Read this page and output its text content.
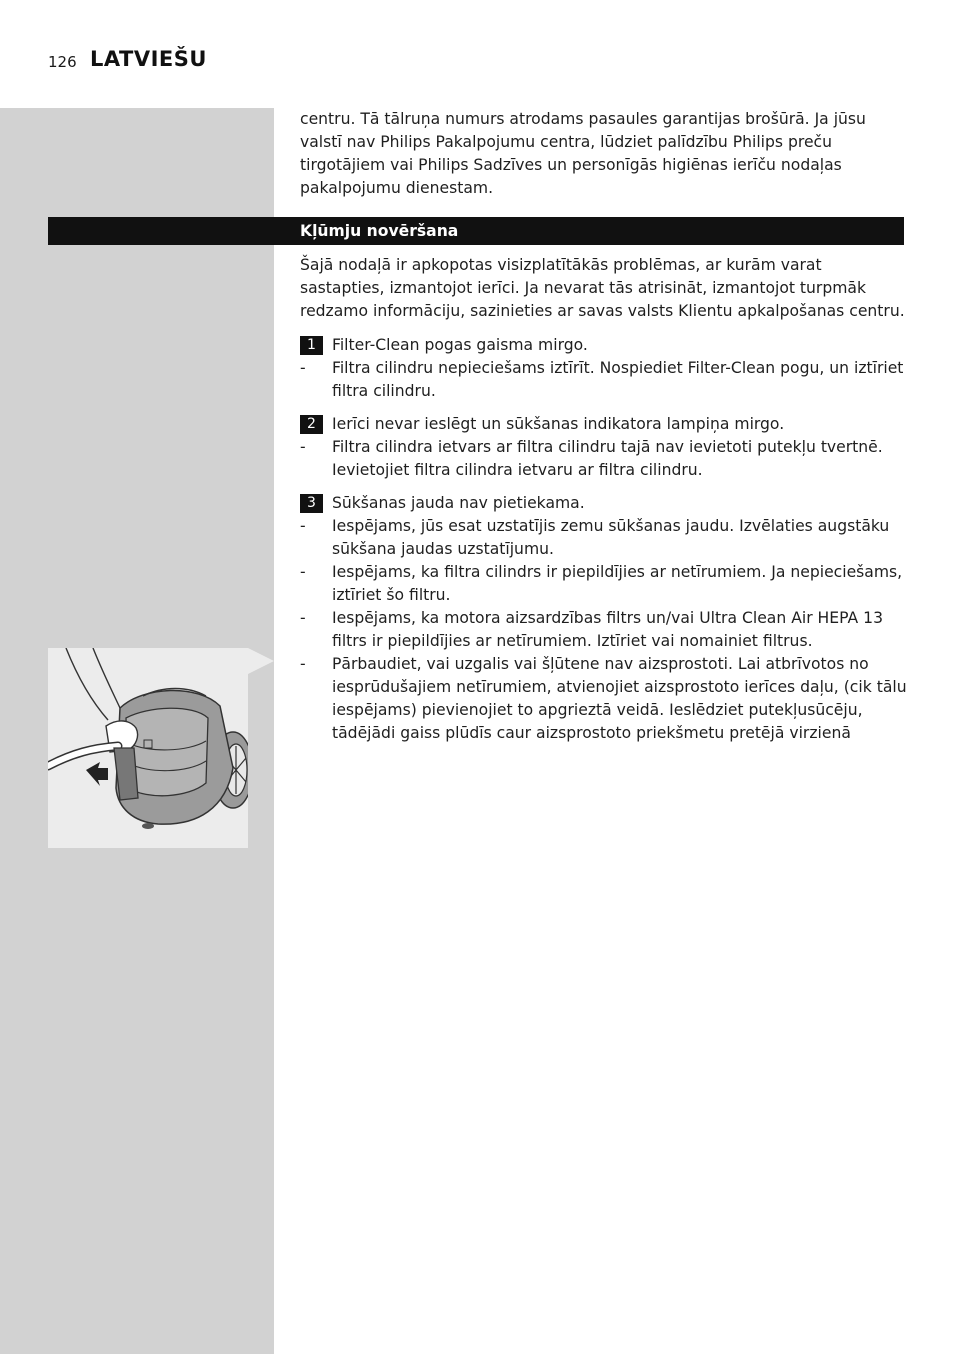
126 LATVIEŠU
centru. Tā tālruņa numurs atrodams pasaules garantijas brošūrā. Ja jūsu valstī nav Philips Pakalpojumu centra, lūdziet palīdzību Philips preču tirgotājiem vai Philips Sadzīves un personīgās higiēnas ierīču nodaļas pakalpojumu dienestam.
Kļūmju novēršana
Šajā nodaļā ir apkopotas visizplatītākās problēmas, ar kurām varat sastapties, izmantojot ierīci. Ja nevarat tās atrisināt, izmantojot turpmāk redzamo informāciju, sazinieties ar savas valsts Klientu apkalpošanas centru.
1	Filter-Clean pogas gaisma mirgo.
-	Filtra cilindru nepieciešams iztīrīt. Nospiediet Filter-Clean pogu, un iztīriet filtra cilindru.
2	Ierīci nevar ieslēgt un sūkšanas indikatora lampiņa mirgo.
-	Filtra cilindra ietvars ar filtra cilindru tajā nav ievietoti putekļu tvertnē. Ievietojiet filtra cilindra ietvaru ar filtra cilindru.
3	Sūkšanas jauda nav pietiekama.
-	Iespējams, jūs esat uzstatījis zemu sūkšanas jaudu. Izvēlaties augstāku sūkšana jaudas uzstatījumu.
-	Iespējams, ka filtra cilindrs ir piepildījies ar netīrumiem. Ja nepieciešams, iztīriet šo filtru.
-	Iespējams, ka motora aizsardzības filtrs un/vai Ultra Clean Air HEPA 13 filtrs ir piepildījies ar netīrumiem. Iztīriet vai nomainiet filtrus.
-	Pārbaudiet, vai uzgalis vai šļūtene nav aizsprostoti. Lai atbrīvotos no iesprūdušajiem netīrumiem, atvienojiet aizsprostoto ierīces daļu, (cik tālu iespējams) pievienojiet to apgrieztā veidā. Ieslēdziet putekļusūcēju, tādējādi gaiss plūdīs caur aizsprostoto priekšmetu pretējā virzienā
